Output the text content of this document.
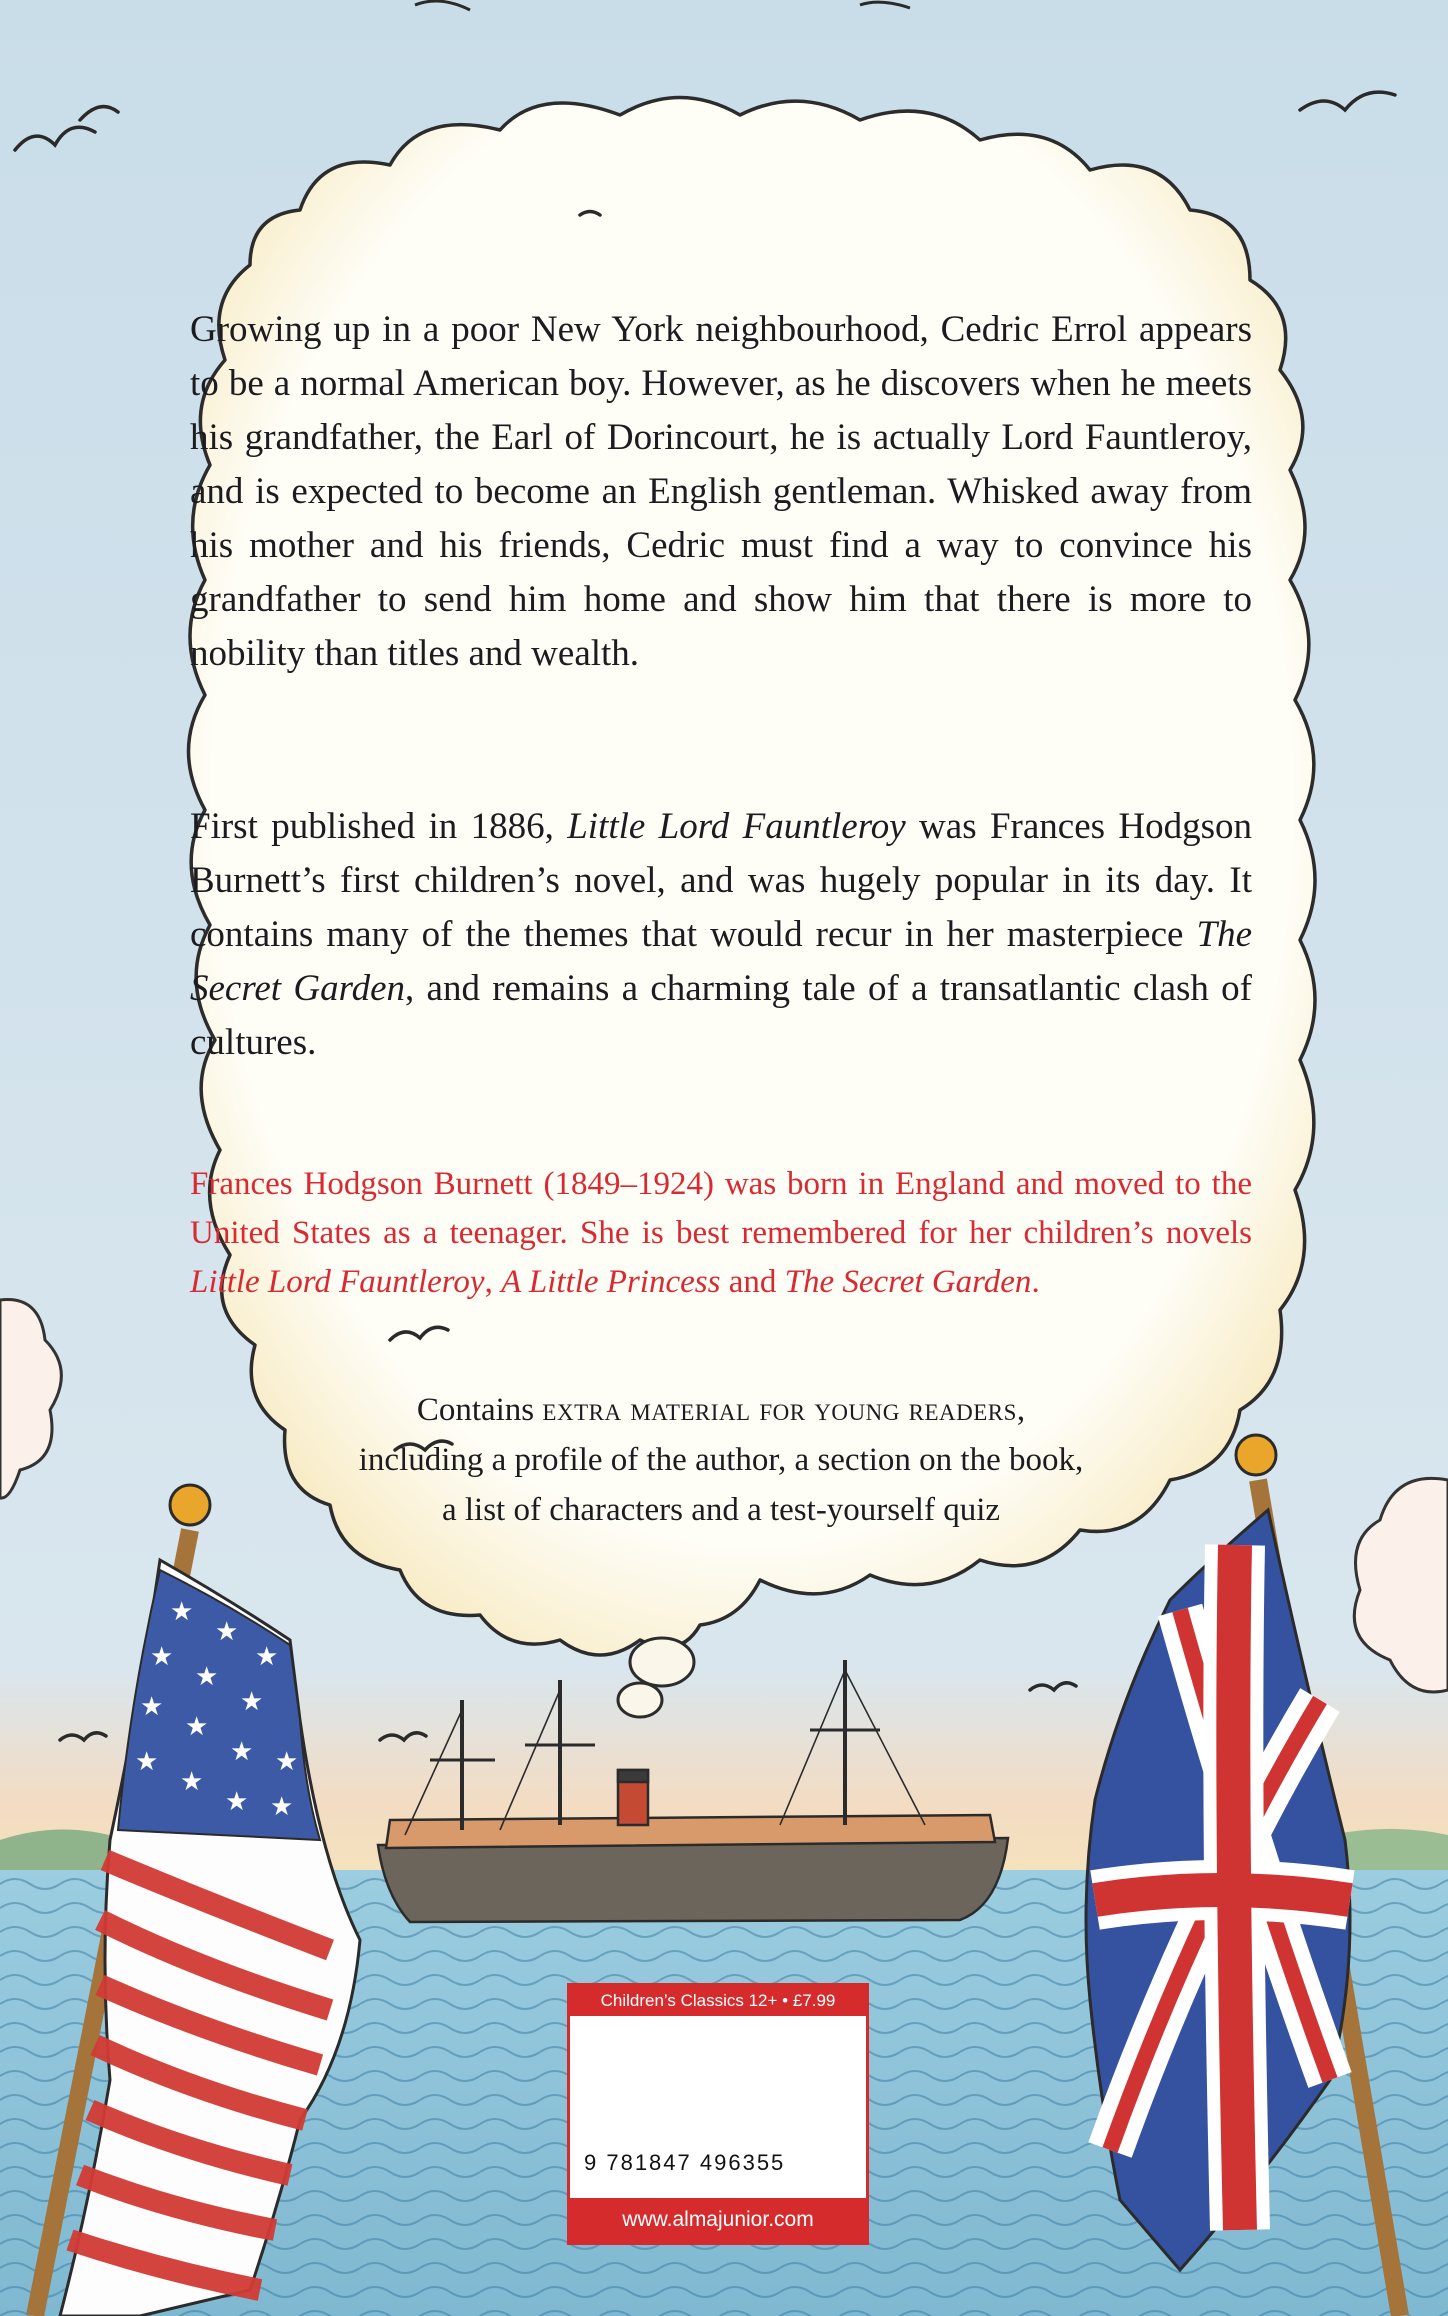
★
★
★
★
★
★
★
★
★ ★
★
★
★ ★

Growing up in a poor New York neighbourhood, Cedric Errol appears to be a normal American boy. However, as he discovers when he meets his grandfather, the Earl of Dorincourt, he is actually Lord Fauntleroy, and is expected to become an English gentleman. Whisked away from his mother and his friends, Cedric must find a way to convince his grandfather to send him home and show him that there is more to nobility than titles and wealth.

First published in 1886, Little Lord Fauntleroy was Frances Hodgson Burnett’s first children’s novel, and was hugely popular in its day. It contains many of the themes that would recur in her masterpiece The Secret Garden, and remains a charming tale of a transatlantic clash of cultures.

Frances Hodgson Burnett (1849–1924) was born in England and moved to the United States as a teenager. She is best remembered for her children’s novels Little Lord Fauntleroy, A Little Princess and The Secret Garden.

Contains extra material for young readers,
including a profile of the author, a section on the book,
a list of characters and a test-yourself quiz

Children’s Classics 12+ • £7.99
9 781847 496355
www.almajunior.com
